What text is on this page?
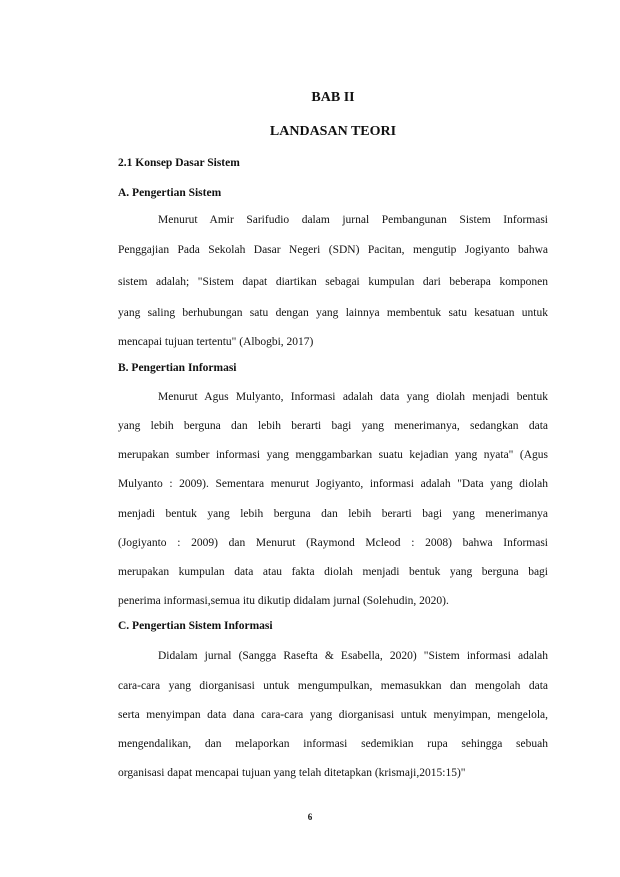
BAB II
LANDASAN TEORI
2.1 Konsep Dasar Sistem
A. Pengertian Sistem
Menurut Amir Sarifudio dalam jurnal Pembangunan Sistem Informasi
Penggajian Pada Sekolah Dasar Negeri (SDN) Pacitan, mengutip Jogiyanto bahwa
sistem adalah; "Sistem dapat diartikan sebagai kumpulan dari beberapa komponen
yang saling berhubungan satu dengan yang lainnya membentuk satu kesatuan untuk
mencapai tujuan tertentu" (Albogbi, 2017)
B. Pengertian Informasi
Menurut Agus Mulyanto, Informasi adalah data yang diolah menjadi bentuk
yang lebih berguna dan lebih berarti bagi yang menerimanya, sedangkan data
merupakan sumber informasi yang menggambarkan suatu kejadian yang nyata" (Agus
Mulyanto : 2009). Sementara menurut Jogiyanto, informasi adalah "Data yang diolah
menjadi bentuk yang lebih berguna dan lebih berarti bagi yang menerimanya
(Jogiyanto : 2009) dan Menurut (Raymond Mcleod : 2008) bahwa Informasi
merupakan kumpulan data atau fakta diolah menjadi bentuk yang berguna bagi
penerima informasi,semua itu dikutip didalam jurnal (Solehudin, 2020).
C. Pengertian Sistem Informasi
Didalam jurnal (Sangga Rasefta & Esabella, 2020) "Sistem informasi adalah
cara-cara yang diorganisasi untuk mengumpulkan, memasukkan dan mengolah data
serta menyimpan data dana cara-cara yang diorganisasi untuk menyimpan, mengelola,
mengendalikan, dan melaporkan informasi sedemikian rupa sehingga sebuah
organisasi dapat mencapai tujuan yang telah ditetapkan (krismaji,2015:15)"
6
